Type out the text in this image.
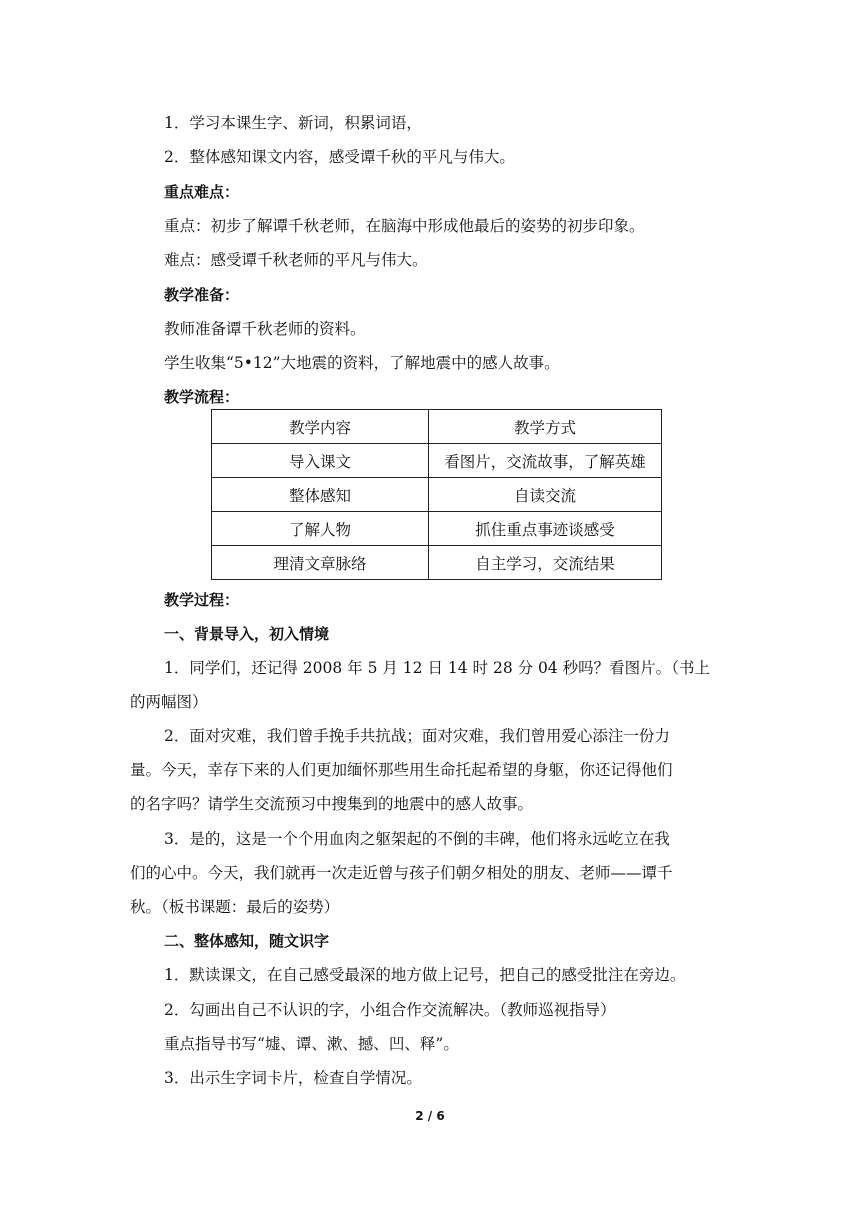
1．学习本课生字、新词，积累词语，
2．整体感知课文内容，感受谭千秋的平凡与伟大。
重点难点：
重点：初步了解谭千秋老师，在脑海中形成他最后的姿势的初步印象。
难点：感受谭千秋老师的平凡与伟大。
教学准备：
教师准备谭千秋老师的资料。
学生收集“5•12”大地震的资料，了解地震中的感人故事。
教学流程：
教学内容	教学方式
导入课文	看图片，交流故事，了解英雄
整体感知	自读交流
了解人物	抓住重点事迹谈感受
理清文章脉络	自主学习，交流结果
教学过程：
一、背景导入，初入情境
1．同学们，还记得 2008 年 5 月 12 日 14 时 28 分 04 秒吗？看图片。（书上
的两幅图）
2．面对灾难，我们曾手挽手共抗战；面对灾难，我们曾用爱心添注一份力
量。今天，幸存下来的人们更加缅怀那些用生命托起希望的身躯，你还记得他们
的名字吗？请学生交流预习中搜集到的地震中的感人故事。
3．是的，这是一个个用血肉之躯架起的不倒的丰碑，他们将永远屹立在我
们的心中。今天，我们就再一次走近曾与孩子们朝夕相处的朋友、老师——谭千
秋。（板书课题：最后的姿势）
二、整体感知，随文识字
1．默读课文，在自己感受最深的地方做上记号，把自己的感受批注在旁边。
2．勾画出自己不认识的字，小组合作交流解决。（教师巡视指导）
重点指导书写“墟、谭、漱、撼、凹、释”。
3．出示生字词卡片，检查自学情况。
2 / 6
